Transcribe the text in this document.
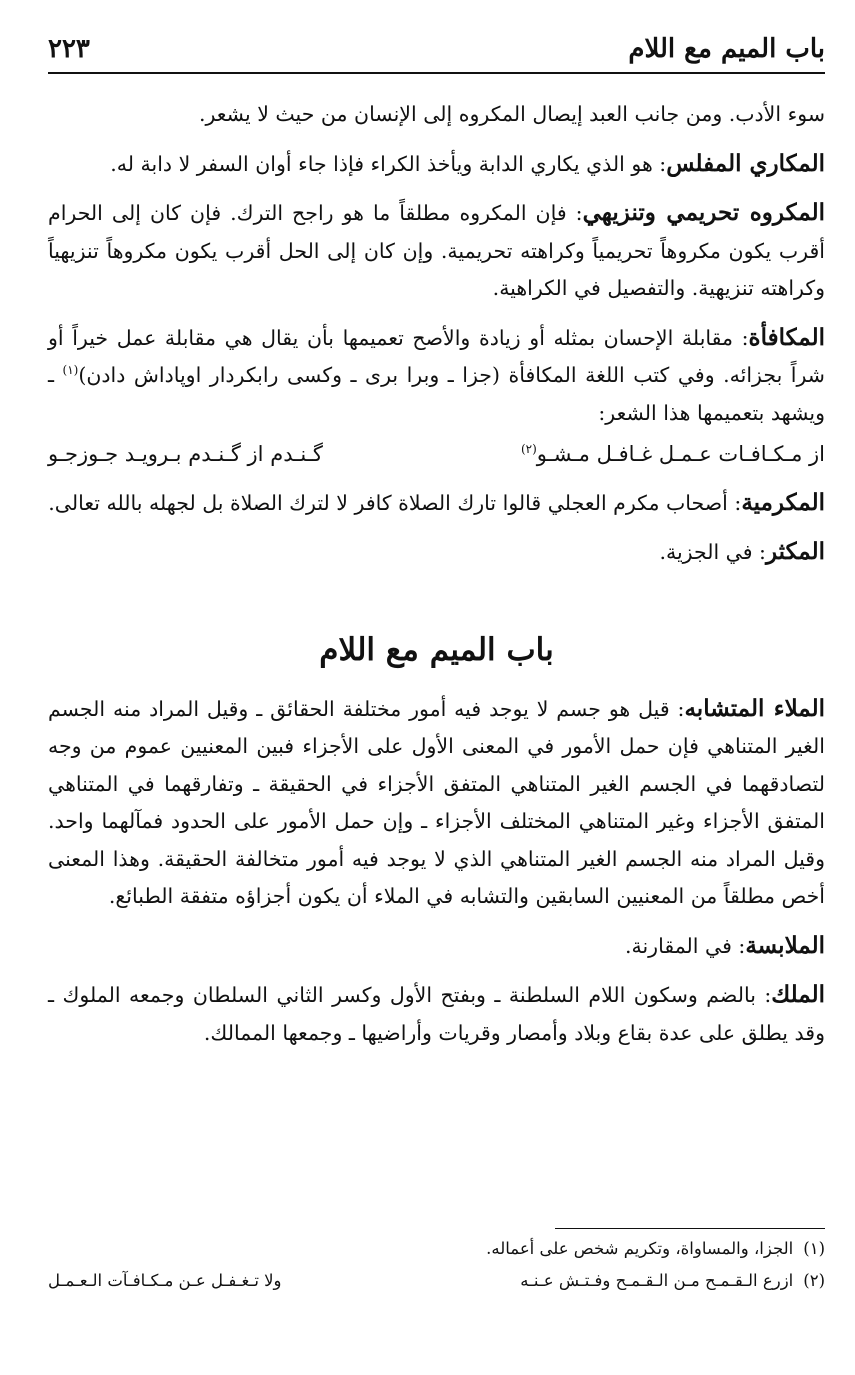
باب الميم مع اللام
٢٢٣

سوء الأدب. ومن جانب العبد إيصال المكروه إلى الإنسان من حيث لا يشعر.

المكاري المفلس: هو الذي يكاري الدابة ويأخذ الكراء فإذا جاء أوان السفر لا دابة له.

المكروه تحريمي وتنزيهي: فإن المكروه مطلقاً ما هو راجح الترك. فإن كان إلى الحرام أقرب يكون مكروهاً تحريمياً وكراهته تحريمية. وإن كان إلى الحل أقرب يكون مكروهاً تنزيهياً وكراهته تنزيهية. والتفصيل في الكراهية.

المكافأة: مقابلة الإحسان بمثله أو زيادة والأصح تعميمها بأن يقال هي مقابلة عمل خيراً أو شراً بجزائه. وفي كتب اللغة المكافأة (جزا ـ وبرا برى ـ وكسى رابكردار اوپاداش دادن)$^{(١)}$ ـ ويشهد بتعميمها هذا الشعر:

از مـكـافـات عـمـل غـافـل مـشـو$^{(٢)}$
گـنـدم از گـنـدم بـرويـد جـوزجـو

المكرمية: أصحاب مكرم العجلي قالوا تارك الصلاة كافر لا لترك الصلاة بل لجهله بالله تعالى.

المكثر: في الجزية.

باب الميم مع اللام

الملاء المتشابه: قيل هو جسم لا يوجد فيه أمور مختلفة الحقائق ـ وقيل المراد منه الجسم الغير المتناهي فإن حمل الأمور في المعنى الأول على الأجزاء فبين المعنيين عموم من وجه لتصادقهما في الجسم الغير المتناهي المتفق الأجزاء في الحقيقة ـ وتفارقهما في المتناهي المتفق الأجزاء وغير المتناهي المختلف الأجزاء ـ وإن حمل الأمور على الحدود فمآلهما واحد. وقيل المراد منه الجسم الغير المتناهي الذي لا يوجد فيه أمور متخالفة الحقيقة. وهذا المعنى أخص مطلقاً من المعنيين السابقين والتشابه في الملاء أن يكون أجزاؤه متفقة الطبائع.

الملابسة: في المقارنة.

الملك: بالضم وسكون اللام السلطنة ـ وبفتح الأول وكسر الثاني السلطان وجمعه الملوك ـ وقد يطلق على عدة بقاع وبلاد وأمصار وقريات وأراضيها ـ وجمعها الممالك.

(١)
الجزا، والمساواة، وتكريم شخص على أعماله.
(٢)
ازرع الـقـمـح مـن الـقـمـح وفـتـش عـنـه
ولا تـغـفـل عـن مـكـافـآت الـعـمـل
